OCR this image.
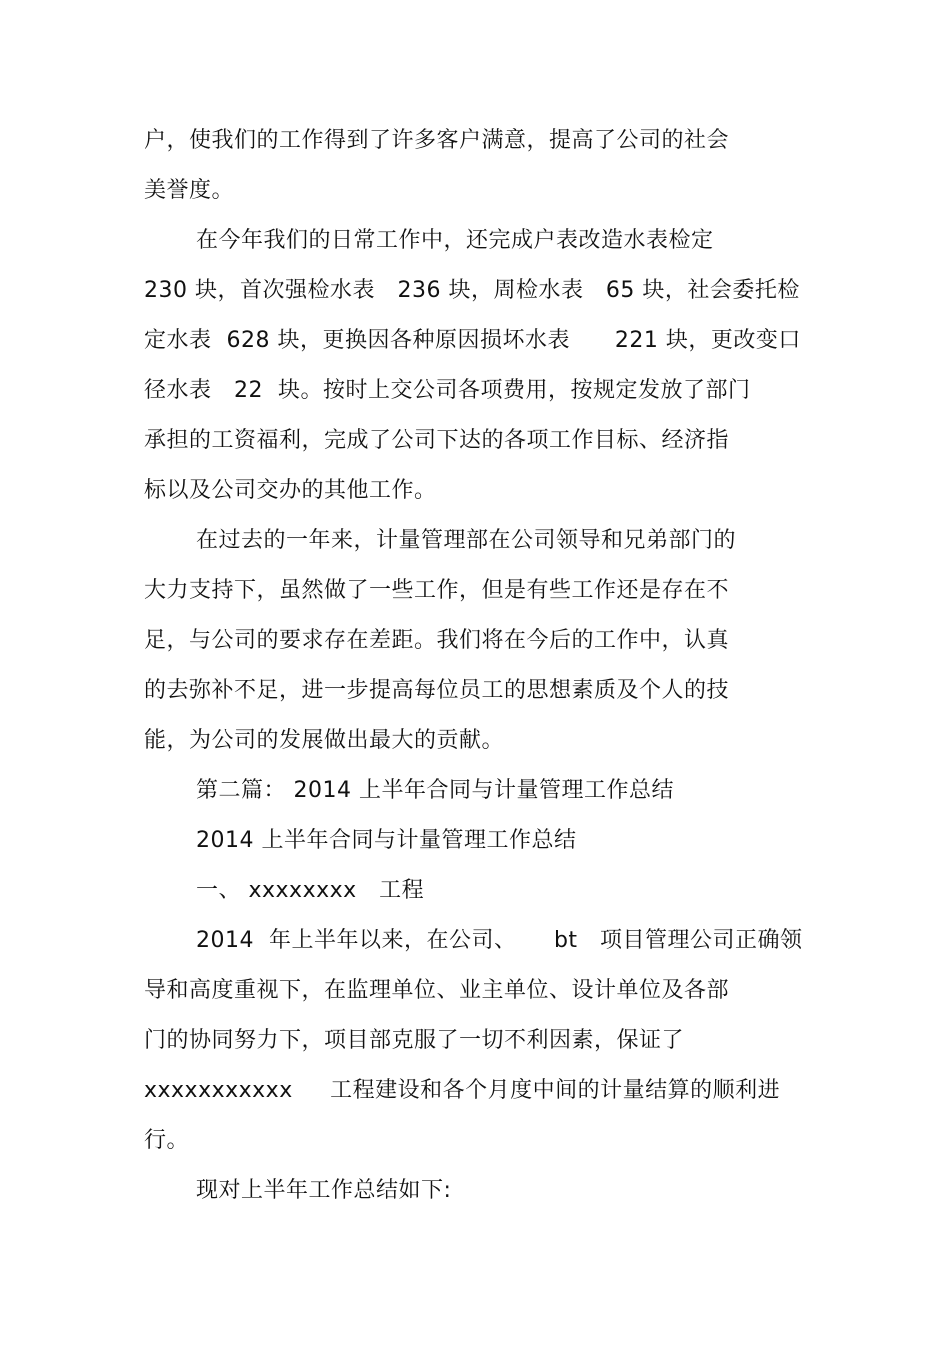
户，使我们的工作得到了许多客户满意，提高了公司的社会
美誉度。
在今年我们的日常工作中，还完成户表改造水表检定
230 块，首次强检水表   236 块，周检水表   65 块，社会委托检
定水表  628 块，更换因各种原因损坏水表      221 块，更改变口
径水表   22  块。按时上交公司各项费用，按规定发放了部门
承担的工资福利，完成了公司下达的各项工作目标、经济指
标以及公司交办的其他工作。
在过去的一年来，计量管理部在公司领导和兄弟部门的
大力支持下，虽然做了一些工作，但是有些工作还是存在不
足，与公司的要求存在差距。我们将在今后的工作中，认真
的去弥补不足，进一步提高每位员工的思想素质及个人的技
能，为公司的发展做出最大的贡献。
第二篇： 2014 上半年合同与计量管理工作总结
2014 上半年合同与计量管理工作总结
一、 xxxxxxxx   工程
2014  年上半年以来，在公司、     bt   项目管理公司正确领
导和高度重视下，在监理单位、业主单位、设计单位及各部
门的协同努力下，项目部克服了一切不利因素，保证了
xxxxxxxxxxx     工程建设和各个月度中间的计量结算的顺利进
行。
现对上半年工作总结如下:
